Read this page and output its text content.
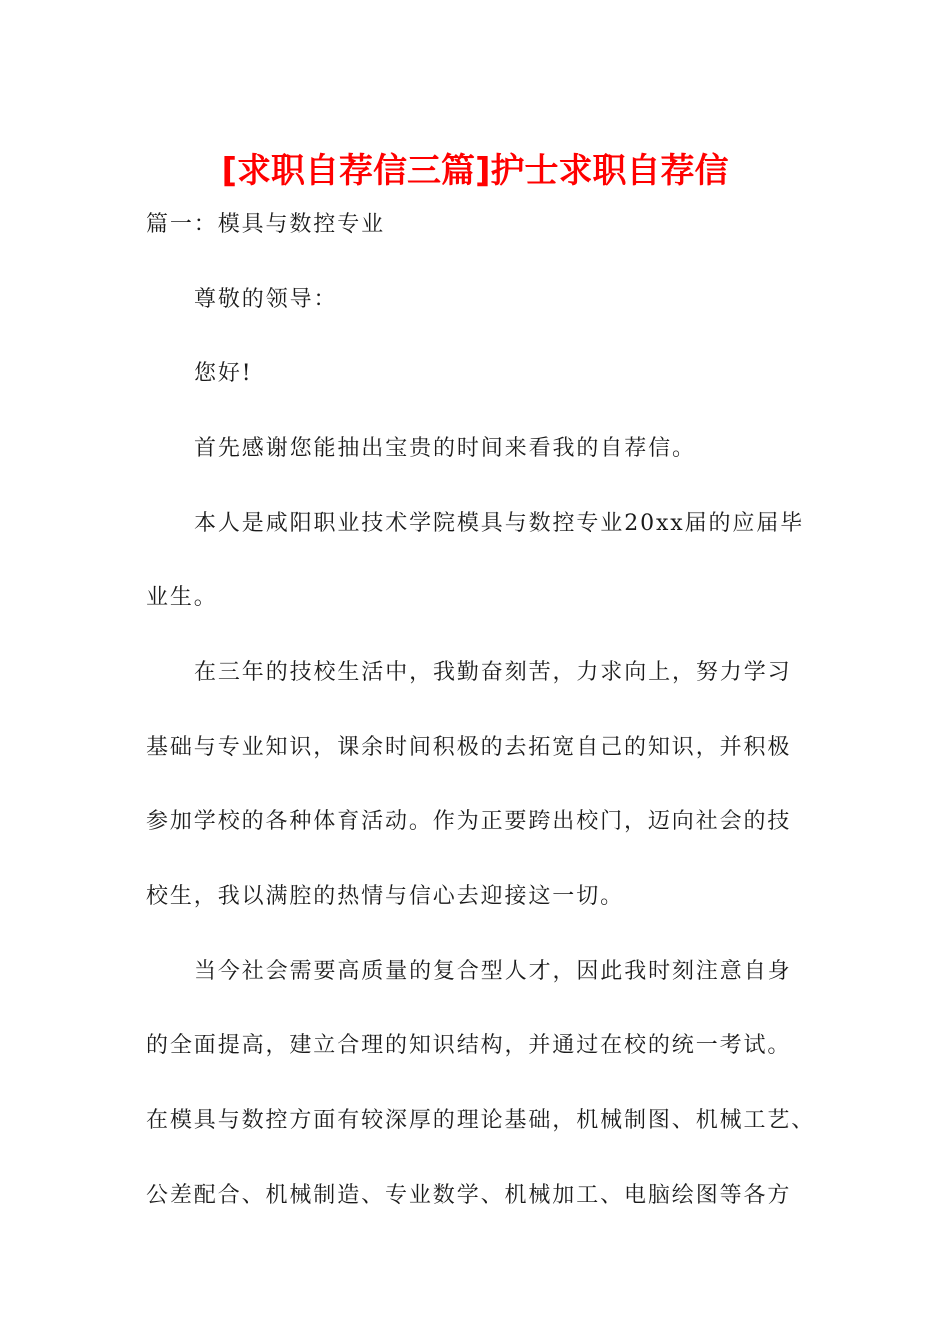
[求职自荐信三篇]护士求职自荐信
篇一：模具与数控专业
尊敬的领导：
您好!
首先感谢您能抽出宝贵的时间来看我的自荐信。
本人是咸阳职业技术学院模具与数控专业20xx届的应届毕
业生。
在三年的技校生活中，我勤奋刻苦，力求向上，努力学习
基础与专业知识，课余时间积极的去拓宽自己的知识，并积极
参加学校的各种体育活动。作为正要跨出校门，迈向社会的技
校生，我以满腔的热情与信心去迎接这一切。
当今社会需要高质量的复合型人才，因此我时刻注意自身
的全面提高，建立合理的知识结构，并通过在校的统一考试。
在模具与数控方面有较深厚的理论基础，机械制图、机械工艺、
公差配合、机械制造、专业数学、机械加工、电脑绘图等各方
